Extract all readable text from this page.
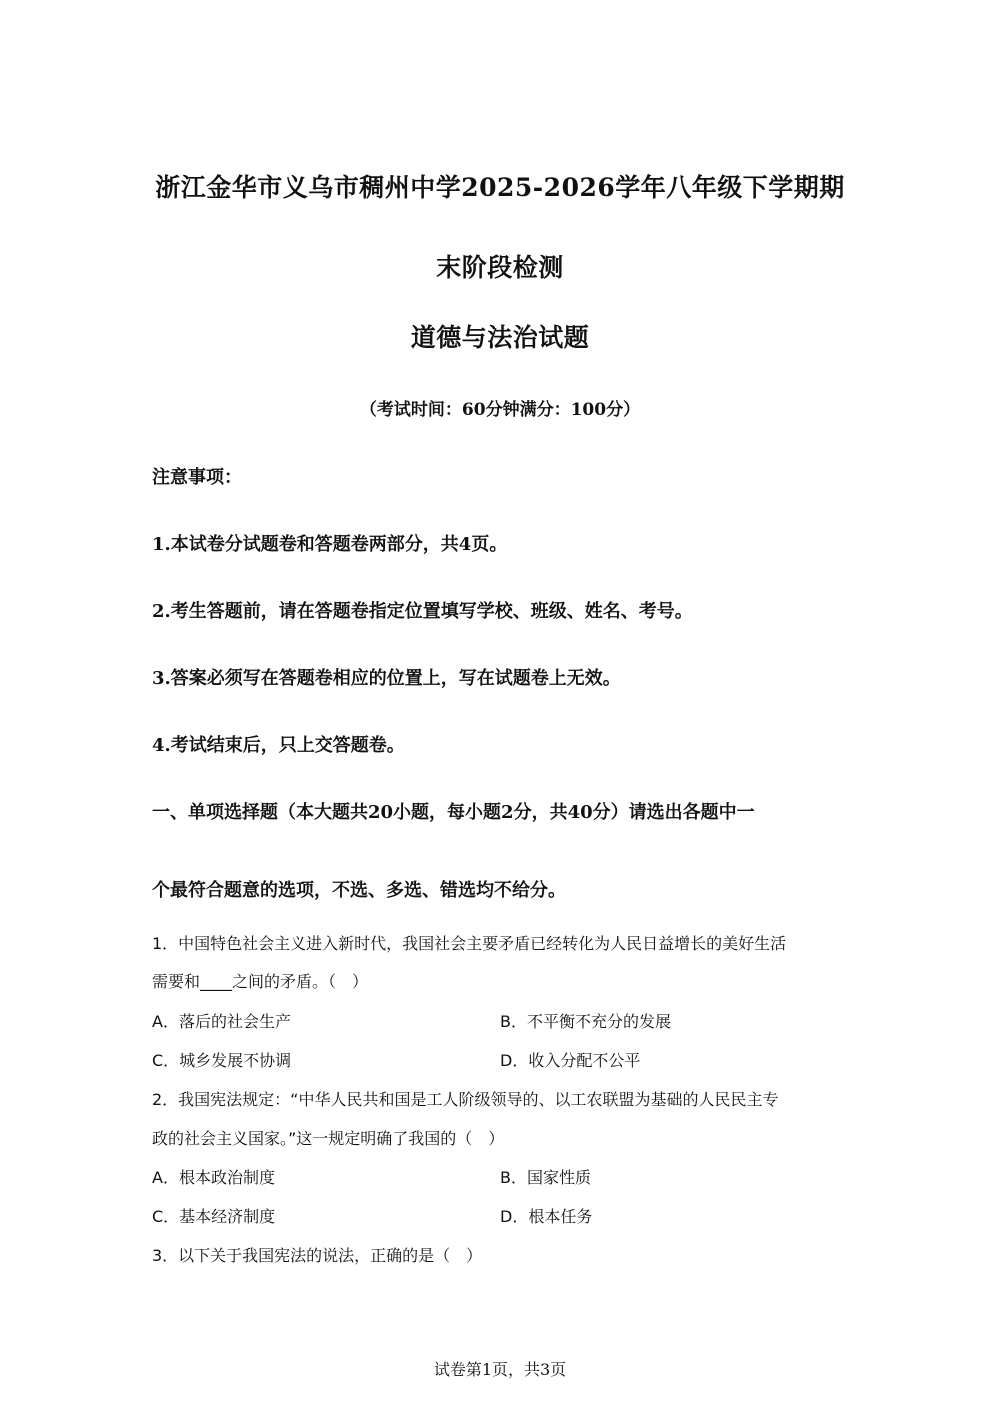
浙江金华市义乌市稠州中学2025-2026学年八年级下学期期
末阶段检测
道德与法治试题
（考试时间：60分钟满分：100分）
注意事项：
1.本试卷分试题卷和答题卷两部分，共4页。
2.考生答题前，请在答题卷指定位置填写学校、班级、姓名、考号。
3.答案必须写在答题卷相应的位置上，写在试题卷上无效。
4.考试结束后，只上交答题卷。
一、单项选择题（本大题共20小题，每小题2分，共40分）请选出各题中一
个最符合题意的选项，不选、多选、错选均不给分。
1．中国特色社会主义进入新时代，我国社会主要矛盾已经转化为人民日益增长的美好生活
需要和____之间的矛盾。（　）
A．落后的社会生产	B．不平衡不充分的发展
C．城乡发展不协调	D．收入分配不公平
2．我国宪法规定：“中华人民共和国是工人阶级领导的、以工农联盟为基础的人民民主专
政的社会主义国家。”这一规定明确了我国的（　）
A．根本政治制度	B．国家性质
C．基本经济制度	D．根本任务
3．以下关于我国宪法的说法，正确的是（　）
试卷第1页，共3页
